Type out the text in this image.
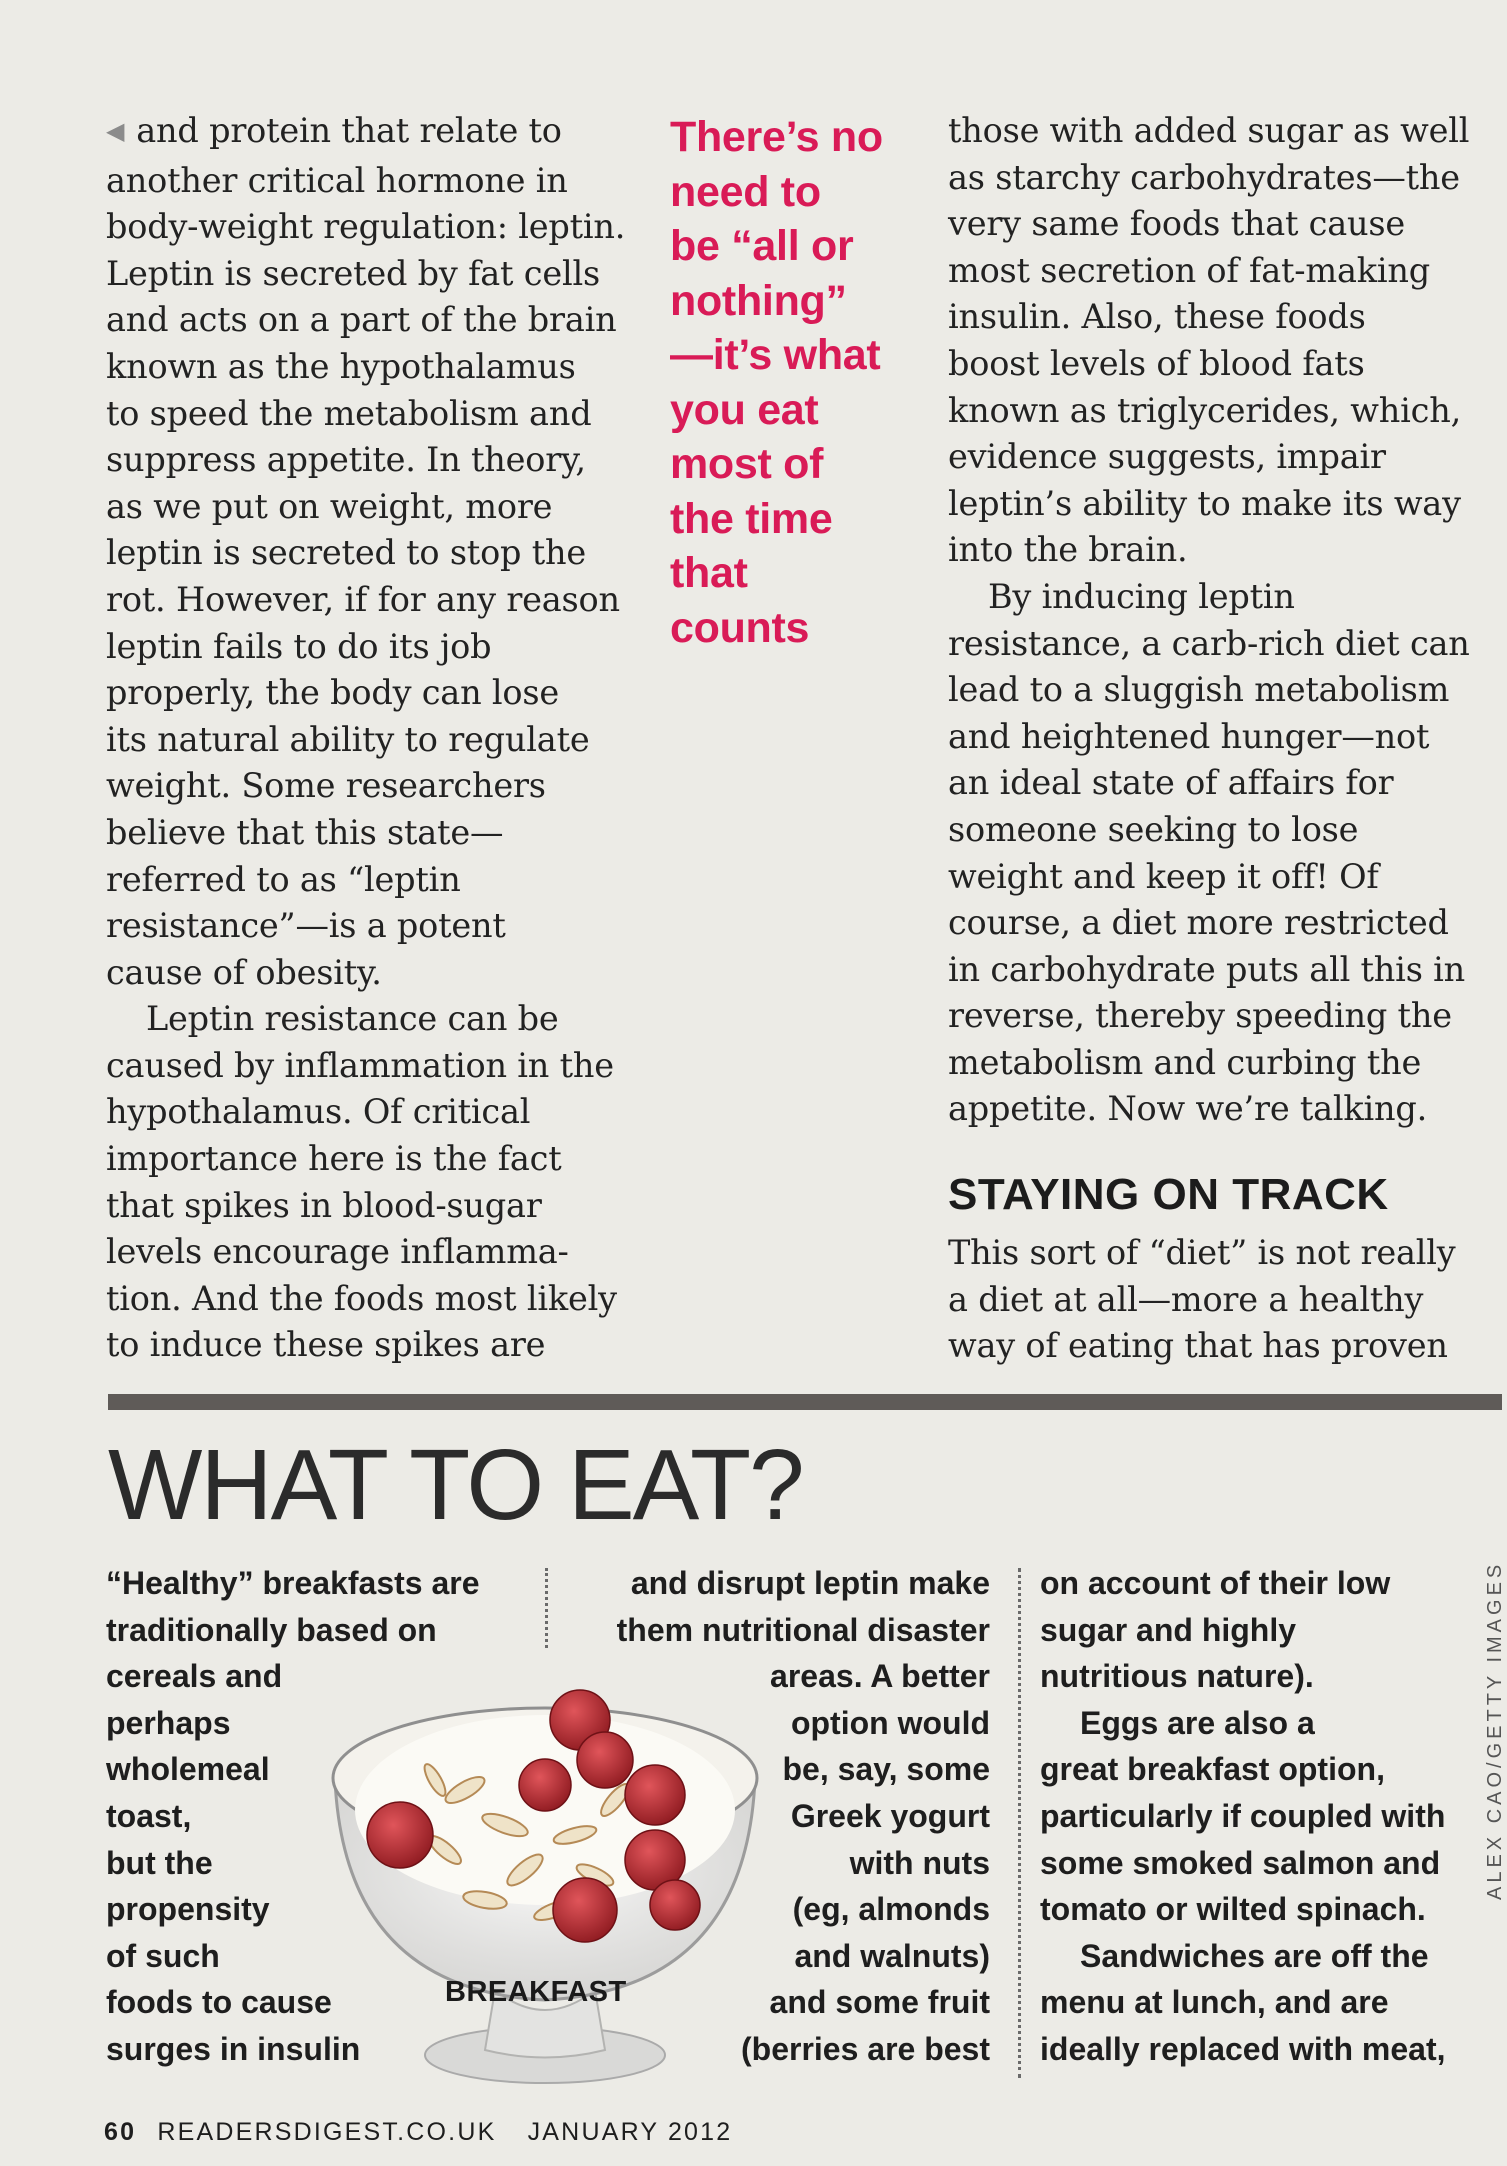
◀ and protein that relate to
another critical hormone in
body-weight regulation: leptin.
Leptin is secreted by fat cells
and acts on a part of the brain
known as the hypothalamus
to speed the metabolism and
suppress appetite. In theory,
as we put on weight, more
leptin is secreted to stop the
rot. However, if for any reason
leptin fails to do its job
properly, the body can lose
its natural ability to regulate
weight. Some researchers
believe that this state—
referred to as “leptin
resistance”—is a potent
cause of obesity.
Leptin resistance can be
caused by inflammation in the
hypothalamus. Of critical
importance here is the fact
that spikes in blood-sugar
levels encourage inflamma-
tion. And the foods most likely
to induce these spikes are
There’s no
need to
be “all or
nothing”
—it’s what
you eat
most of
the time
that
counts
those with added sugar as well
as starchy carbohydrates—the
very same foods that cause
most secretion of fat-making
insulin. Also, these foods
boost levels of blood fats
known as triglycerides, which,
evidence suggests, impair
leptin’s ability to make its way
into the brain.
By inducing leptin
resistance, a carb-rich diet can
lead to a sluggish metabolism
and heightened hunger—not
an ideal state of affairs for
someone seeking to lose
weight and keep it off! Of
course, a diet more restricted
in carbohydrate puts all this in
reverse, thereby speeding the
metabolism and curbing the
appetite. Now we’re talking.
STAYING ON TRACK
This sort of “diet” is not really
a diet at all—more a healthy
way of eating that has proven
WHAT TO EAT?
“Healthy” breakfasts are
traditionally based on
cereals and
perhaps
wholemeal
toast,
but the
propensity
of such
foods to cause
surges in insulin
and disrupt leptin make
them nutritional disaster
areas. A better
option would
be, say, some
Greek yogurt
with nuts
(eg, almonds
and walnuts)
and some fruit
(berries are best
on account of their low
sugar and highly
nutritious nature).
Eggs are also a
great breakfast option,
particularly if coupled with
some smoked salmon and
tomato or wilted spinach.
Sandwiches are off the
menu at lunch, and are
ideally replaced with meat,
BREAKFAST
ALEX CAO/GETTY IMAGES
60 READERSDIGEST.CO.UK JANUARY 2012
